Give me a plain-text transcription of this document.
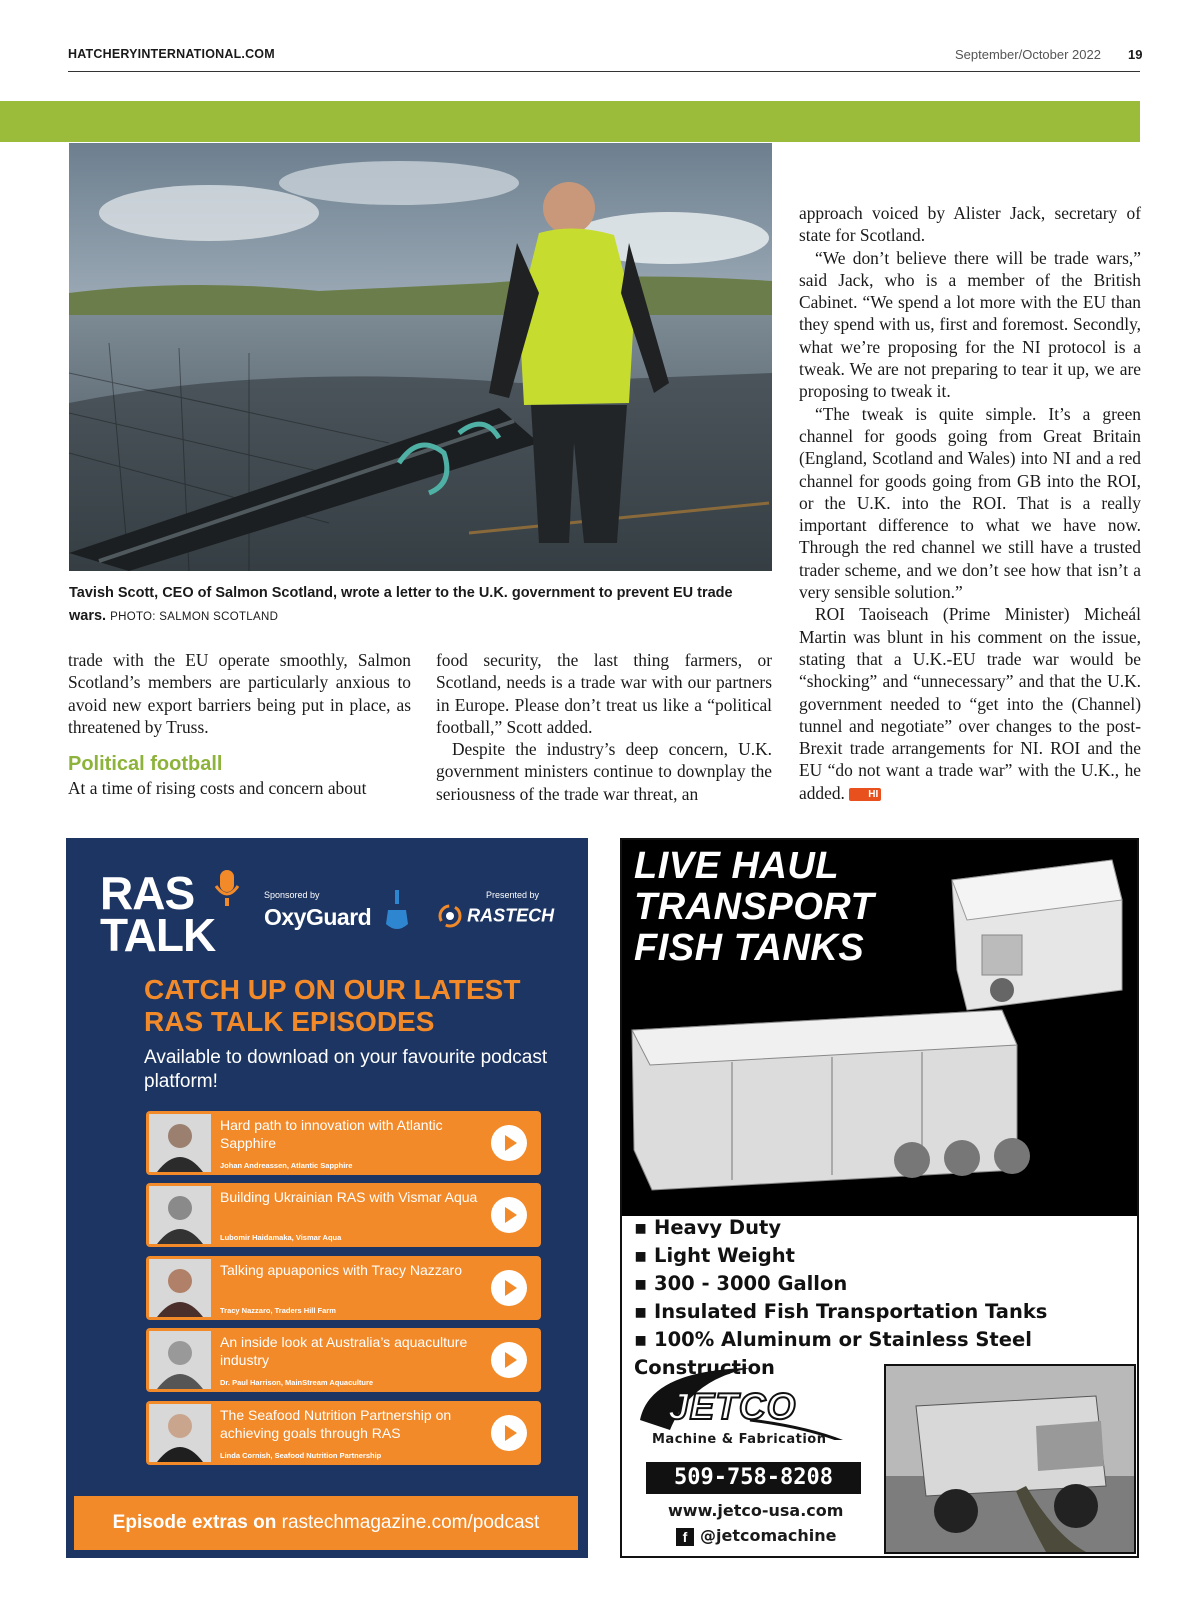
HATCHERYINTERNATIONAL.COM	September/October 2022 19
Tavish Scott, CEO of Salmon Scotland, wrote a letter to the U.K. government to prevent EU trade wars. PHOTO: SALMON SCOTLAND

trade with the EU operate smoothly, Salmon Scotland’s members are particularly anxious to avoid new export barriers being put in place, as threatened by Truss.

Political football

At a time of rising costs and concern about

food security, the last thing farmers, or Scotland, needs is a trade war with our partners in Europe. Please don’t treat us like a “political football,” Scott added.

Despite the industry’s deep concern, U.K. government ministers continue to downplay the seriousness of the trade war threat, an

approach voiced by Alister Jack, secretary of state for Scotland.

“We don’t believe there will be trade wars,” said Jack, who is a member of the British Cabinet. “We spend a lot more with the EU than they spend with us, first and foremost. Secondly, what we’re proposing for the NI protocol is a tweak. We are not preparing to tear it up, we are proposing to tweak it.

“The tweak is quite simple. It’s a green channel for goods going from Great Britain (England, Scotland and Wales) into NI and a red channel for goods going from GB into the ROI, or the U.K. into the ROI. That is a really important difference to what we have now. Through the red channel we still have a trusted trader scheme, and we don’t see how that isn’t a very sensible solution.”

ROI Taoiseach (Prime Minister) Micheál Martin was blunt in his comment on the issue, stating that a U.K.-EU trade war would be “shocking” and “unnecessary” and that the U.K. government needed to “get into the (Channel) tunnel and negotiate” over changes to the post-Brexit trade arrangements for NI. ROI and the EU “do not want a trade war” with the U.K., he added. HI

RAS
TALK
Sponsored by
OxyGuard
Presented by
RASTECH
CATCH UP ON OUR LATEST RAS TALK EPISODES
Available to download on your favourite podcast platform!
Hard path to innovation with Atlantic Sapphire
Johan Andreassen, Atlantic Sapphire
Building Ukrainian RAS with Vismar Aqua
Lubomir Haidamaka, Vismar Aqua
Talking apuaponics with Tracy Nazzaro
Tracy Nazzaro, Traders Hill Farm
An inside look at Australia’s aquaculture industry
Dr. Paul Harrison, MainStream Aquaculture
The Seafood Nutrition Partnership on achieving goals through RAS
Linda Cornish, Seafood Nutrition Partnership
Episode extras on rastechmagazine.com/podcast
LIVE HAUL
TRANSPORT
FISH TANKS
▪ Heavy Duty
▪ Light Weight
▪ 300 - 3000 Gallon
▪ Insulated Fish Transportation Tanks
▪ 100% Aluminum or Stainless Steel Construction
JETCO
Machine & Fabrication
509-758-8208
www.jetco-usa.com
f @jetcomachine
